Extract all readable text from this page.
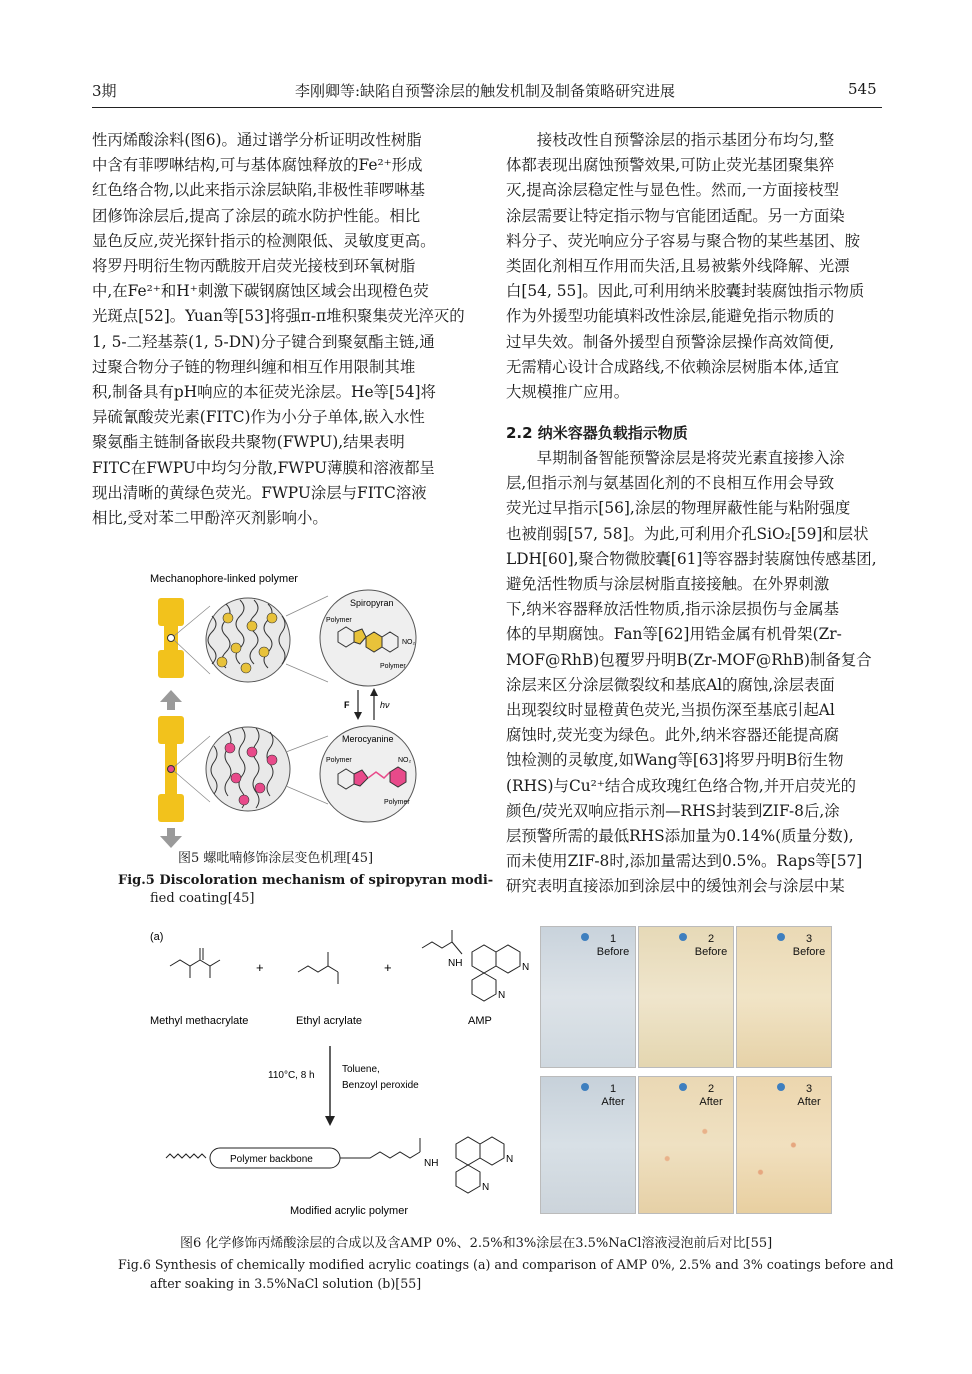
3期	李刚卿等:缺陷自预警涂层的触发机制及制备策略研究进展	545
性丙烯酸涂料(图6)。通过谱学分析证明改性树脂
中含有菲啰啉结构,可与基体腐蚀释放的Fe²⁺形成
红色络合物,以此来指示涂层缺陷,非极性菲啰啉基
团修饰涂层后,提高了涂层的疏水防护性能。相比
显色反应,荧光探针指示的检测限低、灵敏度更高。
将罗丹明衍生物丙酰胺开启荧光接枝到环氧树脂
中,在Fe²⁺和H⁺刺激下碳钢腐蚀区域会出现橙色荧
光斑点[52]。Yuan等[53]将强π-π堆积聚集荧光淬灭的
1, 5-二羟基萘(1, 5-DN)分子键合到聚氨酯主链,通
过聚合物分子链的物理纠缠和相互作用限制其堆
积,制备具有pH响应的本征荧光涂层。He等[54]将
异硫氰酸荧光素(FITC)作为小分子单体,嵌入水性
聚氨酯主链制备嵌段共聚物(FWPU),结果表明
FITC在FWPU中均匀分散,FWPU薄膜和溶液都呈
现出清晰的黄绿色荧光。FWPU涂层与FITC溶液
相比,受对苯二甲酚淬灭剂影响小。
接枝改性自预警涂层的指示基团分布均匀,整
体都表现出腐蚀预警效果,可防止荧光基团聚集猝
灭,提高涂层稳定性与显色性。然而,一方面接枝型
涂层需要让特定指示物与官能团适配。另一方面染
料分子、荧光响应分子容易与聚合物的某些基团、胺
类固化剂相互作用而失活,且易被紫外线降解、光漂
白[54, 55]。因此,可利用纳米胶囊封装腐蚀指示物质
作为外援型功能填料改性涂层,能避免指示物质的
过早失效。制备外援型自预警涂层操作高效简便,
无需精心设计合成路线,不依赖涂层树脂本体,适宜
大规模推广应用。
2.2 纳米容器负载指示物质
早期制备智能预警涂层是将荧光素直接掺入涂
层,但指示剂与氨基固化剂的不良相互作用会导致
荧光过早指示[56],涂层的物理屏蔽性能与粘附强度
也被削弱[57, 58]。为此,可利用介孔SiO₂[59]和层状
LDH[60],聚合物微胶囊[61]等容器封装腐蚀传感基团,
避免活性物质与涂层树脂直接接触。在外界刺激
下,纳米容器释放活性物质,指示涂层损伤与金属基
体的早期腐蚀。Fan等[62]用锆金属有机骨架(Zr-
MOF@RhB)包覆罗丹明B(Zr-MOF@RhB)制备复合
涂层来区分涂层微裂纹和基底Al的腐蚀,涂层表面
出现裂纹时显橙黄色荧光,当损伤深至基底引起Al
腐蚀时,荧光变为绿色。此外,纳米容器还能提高腐
蚀检测的灵敏度,如Wang等[63]将罗丹明B衍生物
(RHS)与Cu²⁺结合成玫瑰红色络合物,并开启荧光的
颜色/荧光双响应指示剂—RHS封装到ZIF-8后,涂
层预警所需的最低RHS添加量为0.14%(质量分数),
而未使用ZIF-8时,添加量需达到0.5%。Raps等[57]
研究表明直接添加到涂层中的缓蚀剂会与涂层中某
Mechanophore-linked polymer
Spiropyran
Polymer
NO₂
Polymer
F	hν
Merocyanine
Polymer	NO₂
Polymer
图5 螺吡喃修饰涂层变色机理[45]
Fig.5 Discoloration mechanism of spiropyran modi-
fied coating[45]
(a)
Methyl methacrylate
+
Ethyl acrylate
+	NH	N
N
AMP
110°C, 8 h
Toluene,
Benzoyl peroxide
Polymer backbone	NH	N
N
Modified acrylic polymer
1
Before
2
Before
3
Before
1
After
2
After
3
After
图6 化学修饰丙烯酸涂层的合成以及含AMP 0%、2.5%和3%涂层在3.5%NaCl溶液浸泡前后对比[55]
Fig.6 Synthesis of chemically modified acrylic coatings (a) and comparison of AMP 0%, 2.5% and 3% coatings before and
after soaking in 3.5%NaCl solution (b)[55]
